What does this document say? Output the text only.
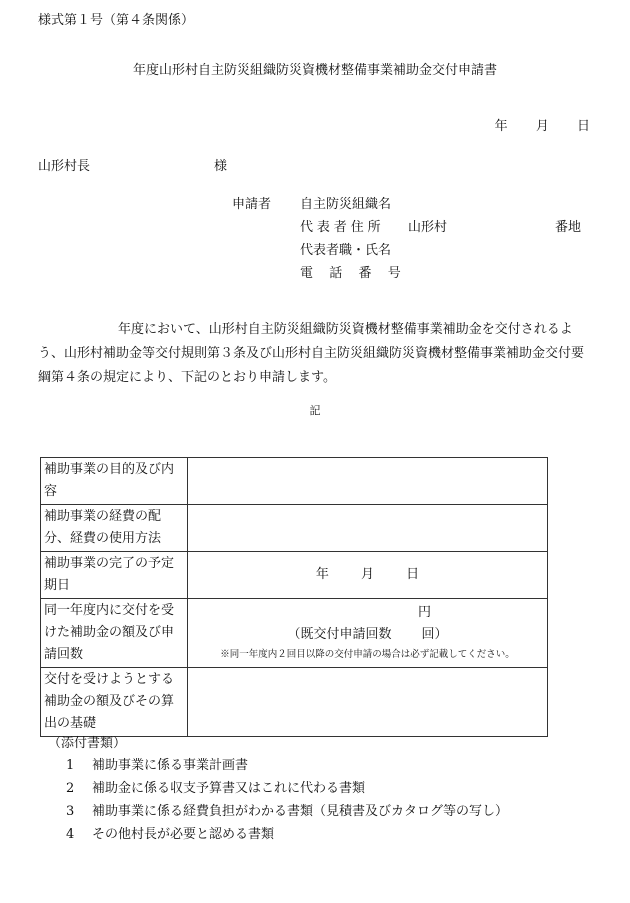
様式第１号（第４条関係）
年度山形村自主防災組織防災資機材整備事業補助金交付申請書
年 月 日
山形村長	様
申請者 自主防災組織名
代表者住所 山形村	番地
代表者職・氏名
電話番号
年度において、山形村自主防災組織防災資機材整備事業補助金を交付されるよう、山形村補助金等交付規則第３条及び山形村自主防災組織防災資機材整備事業補助金交付要綱第４条の規定により、下記のとおり申請します。
記
補助事業の目的及び内容	
補助事業の経費の配分、経費の使用方法	
補助事業の完了の予定期日	年 月 日
同一年度内に交付を受けた補助金の額及び申請回数	円
（既交付申請回数 回）
※同一年度内２回目以降の交付申請の場合は必ず記載してください。

交付を受けようとする補助金の額及びその算出の基礎	
（添付書類）
1 補助事業に係る事業計画書
2 補助金に係る収支予算書又はこれに代わる書類
3 補助事業に係る経費負担がわかる書類（見積書及びカタログ等の写し）
4 その他村長が必要と認める書類
